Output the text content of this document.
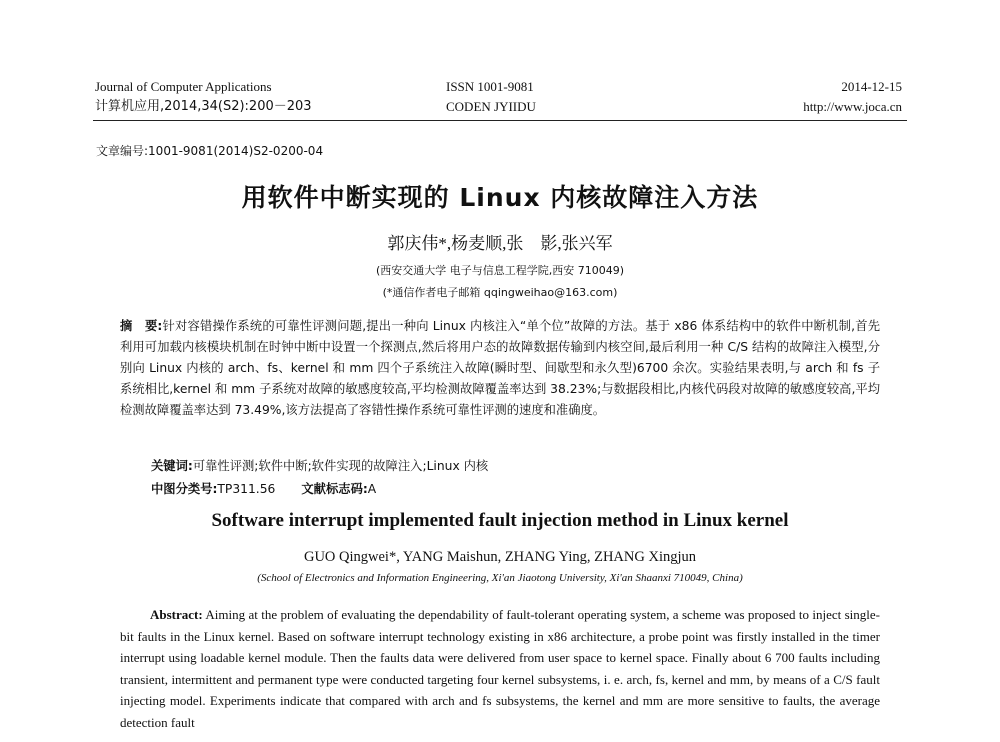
Journal of Computer Applications
计算机应用,2014,34(S2):200－203
ISSN 1001-9081
CODEN JYIIDU
2014-12-15
http://www.joca.cn
文章编号:1001-9081(2014)S2-0200-04
用软件中断实现的 Linux 内核故障注入方法
郭庆伟*,杨麦顺,张　影,张兴军
(西安交通大学 电子与信息工程学院,西安 710049)
(*通信作者电子邮箱 qqingweihao@163.com)
摘　要:针对容错操作系统的可靠性评测问题,提出一种向 Linux 内核注入“单个位”故障的方法。基于 x86 体系结构中的软件中断机制,首先利用可加载内核模块机制在时钟中断中设置一个探测点,然后将用户态的故障数据传输到内核空间,最后利用一种 C/S 结构的故障注入模型,分别向 Linux 内核的 arch、fs、kernel 和 mm 四个子系统注入故障(瞬时型、间歇型和永久型)6700 余次。实验结果表明,与 arch 和 fs 子系统相比,kernel 和 mm 子系统对故障的敏感度较高,平均检测故障覆盖率达到 38.23%;与数据段相比,内核代码段对故障的敏感度较高,平均检测故障覆盖率达到 73.49%,该方法提高了容错性操作系统可靠性评测的速度和准确度。
关键词:可靠性评测;软件中断;软件实现的故障注入;Linux 内核
中图分类号:TP311.56 文献标志码:A
Software interrupt implemented fault injection method in Linux kernel
GUO Qingwei*, YANG Maishun, ZHANG Ying, ZHANG Xingjun
(School of Electronics and Information Engineering, Xi'an Jiaotong University, Xi'an Shaanxi 710049, China)
Abstract: Aiming at the problem of evaluating the dependability of fault-tolerant operating system, a scheme was proposed to inject single-bit faults in the Linux kernel. Based on software interrupt technology existing in x86 architecture, a probe point was firstly installed in the timer interrupt using loadable kernel module. Then the faults data were delivered from user space to kernel space. Finally about 6 700 faults including transient, intermittent and permanent type were conducted targeting four kernel subsystems, i. e. arch, fs, kernel and mm, by means of a C/S fault injecting model. Experiments indicate that compared with arch and fs subsystems, the kernel and mm are more sensitive to faults, the average detection fault
